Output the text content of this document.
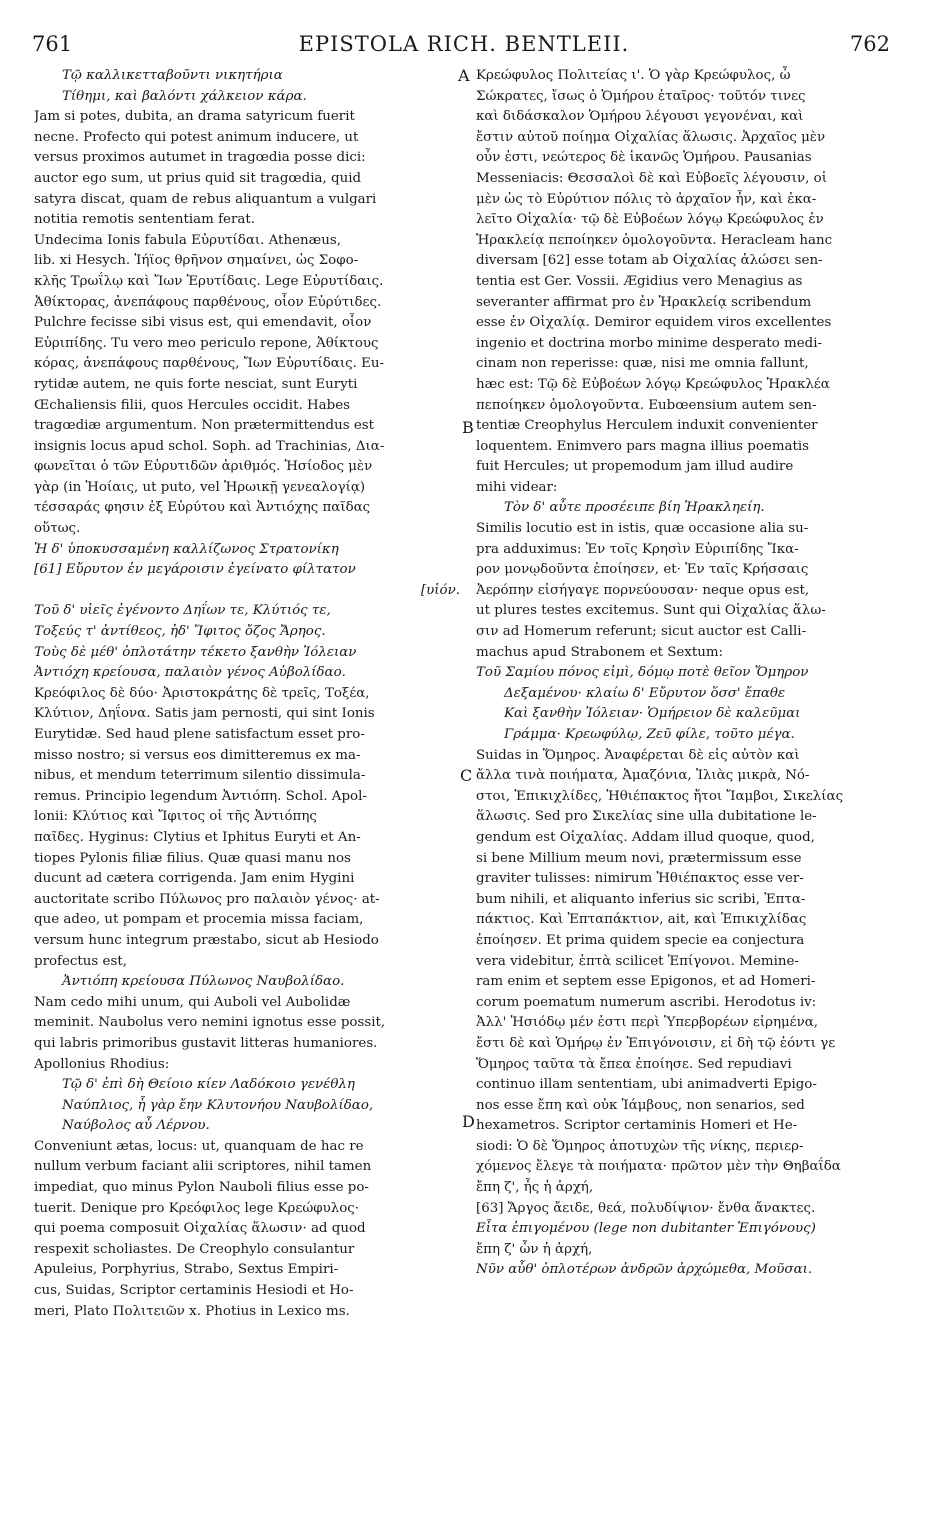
761	EPISTOLA RICH. BENTLEII.	762
A
B
C
D
Τῷ καλλικετταβοῦντι νικητήρια
Τίθημι, καὶ βαλόντι χάλκειον κάρα.
Jam si potes, dubita, an drama satyricum fuerit
necne. Profecto qui potest animum inducere, ut
versus proximos autumet in tragœdia posse dici:
auctor ego sum, ut prius quid sit tragœdia, quid
satyra discat, quam de rebus aliquantum a vulgari
notitia remotis sententiam ferat.
Undecima Ionis fabula Εὐρυτίδαι. Athenæus,
lib. xi Hesych. Ἰήϊος θρῆνον σημαίνει, ὡς Σοφο-
κλῆς Τρωΐλῳ καὶ Ἴων Ἐρυτίδαις. Lege Εὐρυτίδαις.
Ἀθίκτορας, ἀνεπάφους παρθένους, οἷον Εὐρύτιδες.
Pulchre fecisse sibi visus est, qui emendavit, οἷον
Εὐριπίδης. Tu vero meo periculo repone, Ἀθίκτους
κόρας, ἀνεπάφους παρθένους, Ἴων Εὐρυτίδαις. Eu-
rytidæ autem, ne quis forte nesciat, sunt Euryti
Œchaliensis filii, quos Hercules occidit. Habes
tragœdiæ argumentum. Non prætermittendus est
insignis locus apud schol. Soph. ad Trachinias, Δια-
φωνεῖται ὁ τῶν Εὐρυτιδῶν ἀριθμός. Ἡσίοδος μὲν
γὰρ (in Ἠοίαις, ut puto, vel Ἡρωικῇ γενεαλογίᾳ)
τέσσαράς φησιν ἐξ Εὐρύτου καὶ Ἀντιόχης παῖδας
οὕτως.
Ἡ δ' ὑποκυσσαμένη καλλίζωνος Στρατονίκη
[61] Εὔρυτον ἐν μεγάροισιν ἐγείνατο φίλτατον
[υἱόν.
Τοῦ δ' υἱεῖς ἐγένοντο Δηΐων τε, Κλύτιός τε,
Τοξεύς τ' ἀντίθεος, ἠδ' Ἴφιτος ὄζος Ἄρηος.
Τοὺς δὲ μέθ' ὁπλοτάτην τέκετο ξανθὴν Ἰόλειαν
Ἀντιόχη κρείουσα, παλαιὸν γένος Αὐβολίδαο.
Κρεόφιλος δὲ δύο· Ἀριστοκράτης δὲ τρεῖς, Τοξέα,
Κλύτιον, Δηΐονα. Satis jam pernosti, qui sint Ionis
Eurytidæ. Sed haud plene satisfactum esset pro-
misso nostro; si versus eos dimitteremus ex ma-
nibus, et mendum teterrimum silentio dissimula-
remus. Principio legendum Ἀντιόπη. Schol. Apol-
lonii: Κλύτιος καὶ Ἴφιτος οἱ τῆς Ἀντιόπης
παῖδες. Hyginus: Clytius et Iphitus Euryti et An-
tiopes Pylonis filiæ filius. Quæ quasi manu nos
ducunt ad cætera corrigenda. Jam enim Hygini
auctoritate scribo Πύλωνος pro παλαιὸν γένος· at-
que adeo, ut pompam et procemia missa faciam,
versum hunc integrum præstabo, sicut ab Hesiodo
profectus est,
Ἀντιόπη κρείουσα Πύλωνος Ναυβολίδαο.
Nam cedo mihi unum, qui Auboli vel Aubolidæ
meminit. Naubolus vero nemini ignotus esse possit,
qui labris primoribus gustavit litteras humaniores.
Apollonius Rhodius:
Τῷ δ' ἐπὶ δὴ Θείοιο κίεν Λαδόκοιο γενέθλη
Ναύπλιος, ἦ γὰρ ἔην Κλυτονήου Ναυβολίδαο,
Ναύβολος αὖ Λέρνου.
Conveniunt ætas, locus: ut, quanquam de hac re
nullum verbum faciant alii scriptores, nihil tamen
impediat, quo minus Pylon Nauboli filius esse po-
tuerit. Denique pro Κρεόφιλος lege Κρεώφυλος·
qui poema composuit Οἰχαλίας ἅλωσιν· ad quod
respexit scholiastes. De Creophylo consulantur
Apuleius, Porphyrius, Strabo, Sextus Empiri-
cus, Suidas, Scriptor certaminis Hesiodi et Ho-
meri, Plato Πολιτειῶν x. Photius in Lexico ms.
Κρεώφυλος Πολιτείας ι'. Ὁ γὰρ Κρεώφυλος, ὦ
Σώκρατες, ἴσως ὁ Ὁμήρου ἑταῖρος· τοῦτόν τινες
καὶ διδάσκαλον Ὁμήρου λέγουσι γεγονέναι, καὶ
ἔστιν αὐτοῦ ποίημα Οἰχαλίας ἅλωσις. Ἀρχαῖος μὲν
οὖν ἐστι, νεώτερος δὲ ἱκανῶς Ὁμήρου. Pausanias
Messeniacis: Θεσσαλοὶ δὲ καὶ Εὐβοεῖς λέγουσιν, οἱ
μὲν ὡς τὸ Εὐρύτιον πόλις τὸ ἀρχαῖον ἦν, καὶ ἐκα-
λεῖτο Οἰχαλία· τῷ δὲ Εὐβοέων λόγῳ Κρεώφυλος ἐν
Ἡρακλείᾳ πεποίηκεν ὁμολογοῦντα. Heracleam hanc
diversam [62] esse totam ab Οἰχαλίας ἁλώσει sen-
tentia est Ger. Vossii. Ægidius vero Menagius as
severanter affirmat pro ἐν Ἡρακλείᾳ scribendum
esse ἐν Οἰχαλίᾳ. Demiror equidem viros excellentes
ingenio et doctrina morbo minime desperato medi-
cinam non reperisse: quæ, nisi me omnia fallunt,
hæc est: Τῷ δὲ Εὐβοέων λόγῳ Κρεώφυλος Ἡρακλέα
πεποίηκεν ὁμολογοῦντα. Eubœensium autem sen-
tentiæ Creophylus Herculem induxit convenienter
loquentem. Enimvero pars magna illius poematis
fuit Hercules; ut propemodum jam illud audire
mihi videar:
Τὸν δ' αὖτε προσέειπε βίη Ἡρακληείη.
Similis locutio est in istis, quæ occasione alia su-
pra adduximus: Ἐν τοῖς Κρησὶν Εὐριπίδης Ἴκα-
ρον μονῳδοῦντα ἐποίησεν, et· Ἐν ταῖς Κρήσσαις
Ἀερόπην εἰσήγαγε πορνεύουσαν· neque opus est,
ut plures testes excitemus. Sunt qui Οἰχαλίας ἅλω-
σιν ad Homerum referunt; sicut auctor est Calli-
machus apud Strabonem et Sextum:
Τοῦ Σαμίου πόνος εἰμὶ, δόμῳ ποτὲ θεῖον Ὅμηρον
Δεξαμένου· κλαίω δ' Εὔρυτον ὅσσ' ἔπαθε
Καὶ ξανθὴν Ἰόλειαν· Ὁμήρειον δὲ καλεῦμαι
Γράμμα· Κρεωφύλῳ, Ζεῦ φίλε, τοῦτο μέγα.
Suidas in Ὅμηρος. Ἀναφέρεται δὲ εἰς αὐτὸν καὶ
ἄλλα τινὰ ποιήματα, Ἀμαζόνια, Ἰλιὰς μικρὰ, Νό-
στοι, Ἐπικιχλίδες, Ἠθιέπακτος ἤτοι Ἴαμβοι, Σικελίας
ἅλωσις. Sed pro Σικελίας sine ulla dubitatione le-
gendum est Οἰχαλίας. Addam illud quoque, quod,
si bene Millium meum novi, prætermissum esse
graviter tulisses: nimirum Ἠθιέπακτος esse ver-
bum nihili, et aliquanto inferius sic scribi, Ἐπτα-
πάκτιος. Καὶ Ἐπταπάκτιον, ait, καὶ Ἐπικιχλίδας
ἐποίησεν. Et prima quidem specie ea conjectura
vera videbitur, ἑπτὰ scilicet Ἐπίγονοι. Memine-
ram enim et septem esse Epigonos, et ad Homeri-
corum poematum numerum ascribi. Herodotus iv:
Ἀλλ' Ἡσιόδῳ μέν ἐστι περὶ Ὑπερβορέων εἰρημένα,
ἔστι δὲ καὶ Ὁμήρῳ ἐν Ἐπιγόνοισιν, εἰ δὴ τῷ ἐόντι γε
Ὅμηρος ταῦτα τὰ ἔπεα ἐποίησε. Sed repudiavi
continuo illam sententiam, ubi animadverti Epigo-
nos esse ἔπη καὶ οὐκ Ἰάμβους, non senarios, sed
hexametros. Scriptor certaminis Homeri et He-
siodi: Ὁ δὲ Ὅμηρος ἀποτυχὼν τῆς νίκης, περιερ-
χόμενος ἔλεγε τὰ ποιήματα· πρῶτον μὲν τὴν Θηβαΐδα
ἔπη ζ', ἧς ἡ ἀρχή,
[63] Ἄργος ἄειδε, θεά, πολυδίψιον· ἔνθα ἄνακτες.
Εἶτα ἐπιγομένου (lege non dubitanter Ἐπιγόνους)
ἔπη ζ' ὧν ἡ ἀρχή,
Νῦν αὖθ' ὁπλοτέρων ἀνδρῶν ἀρχώμεθα, Μοῦσαι.
